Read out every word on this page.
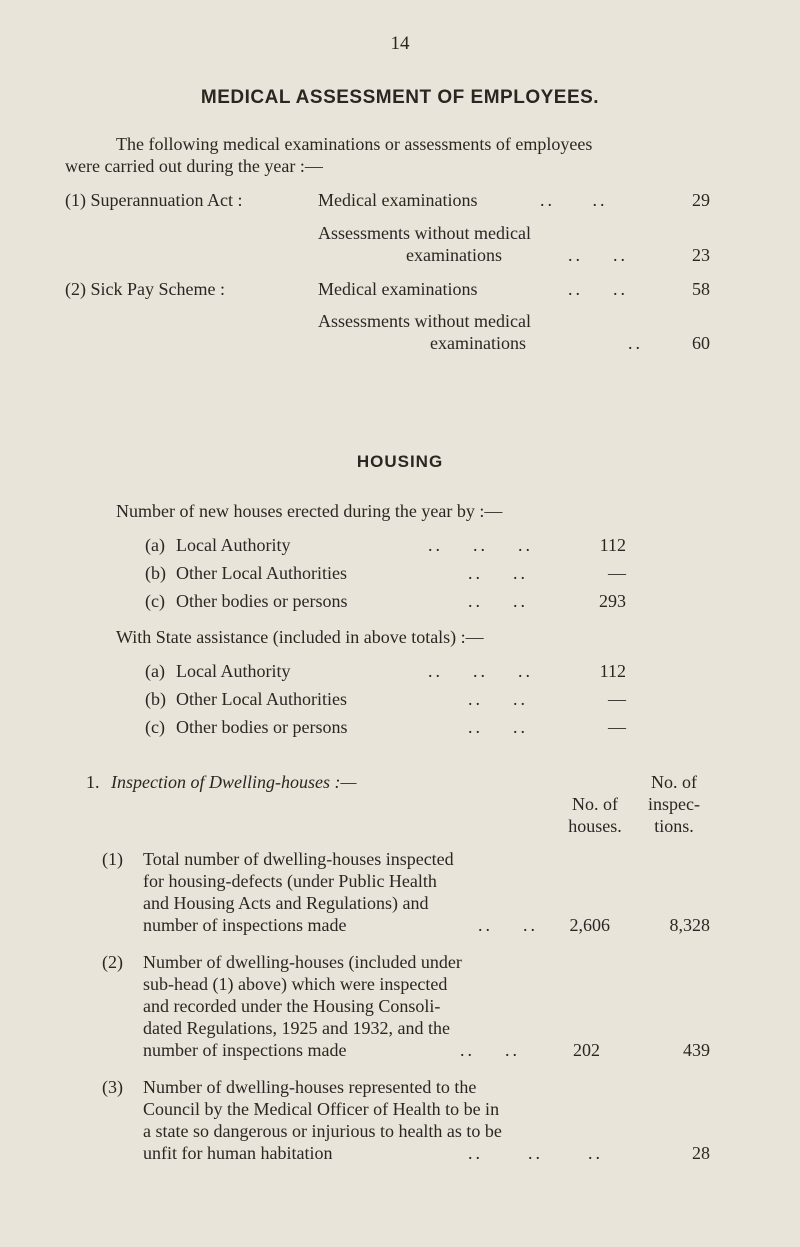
14
MEDICAL ASSESSMENT OF EMPLOYEES.
The following medical examinations or assessments of employees
were carried out during the year :—
(1) Superannuation Act :	Medical examinations	..     ..	29
Assessments without medical
examinations	..    ..	23
(2) Sick Pay Scheme :	Medical examinations	..    ..	58
Assessments without medical
examinations	..	60
HOUSING
Number of new houses erected during the year by :—
(a) Local Authority	..    ..    ..	112
(b) Other Local Authorities	..    ..	—
(c) Other bodies or persons	..    ..	293
With State assistance (included in above totals) :—
(a) Local Authority	..    ..    ..	112
(b) Other Local Authorities	..    ..	—
(c) Other bodies or persons	..    ..	—
1. Inspection of Dwelling-houses :—
No. of
houses.
No. of
inspec-
tions.
(1) Total number of dwelling-houses inspected
for housing-defects (under Public Health
and Housing Acts and Regulations) and
number of inspections made	..    ..	2,606	8,328
(2) Number of dwelling-houses (included under
sub-head (1) above) which were inspected
and recorded under the Housing Consoli-
dated Regulations, 1925 and 1932, and the
number of inspections made	..    ..	202	439
(3) Number of dwelling-houses represented to the
Council by the Medical Officer of Health to be in
a state so dangerous or injurious to health as to be
unfit for human habitation	..      ..      ..	28
